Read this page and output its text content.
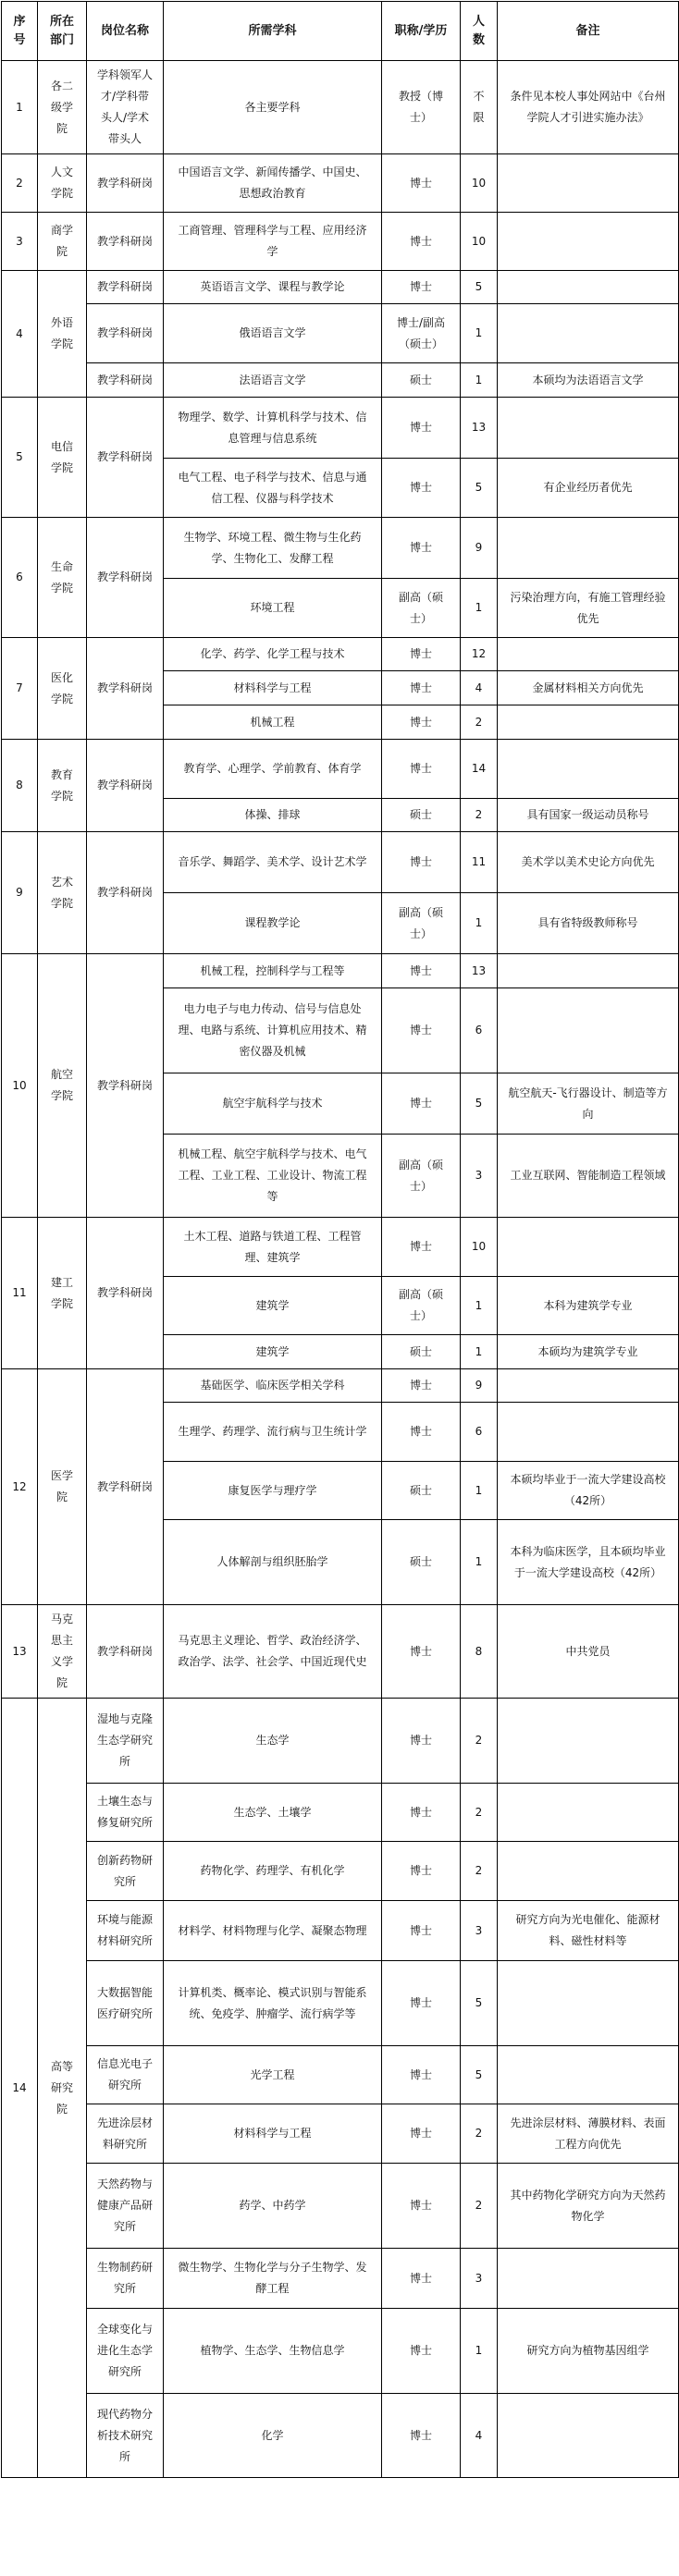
序号	所在部门	岗位名称	所需学科	职称/学历	人数	备注
1	各二级学院	学科领军人才/学科带头人/学术带头人	各主要学科	教授（博士）	不限	条件见本校人事处网站中《台州学院人才引进实施办法》
2	人文学院	教学科研岗	中国语言文学、新闻传播学、中国史、思想政治教育	博士	10	
3	商学院	教学科研岗	工商管理、管理科学与工程、应用经济学	博士	10	
4	外语学院	教学科研岗	英语语言文学、课程与教学论	博士	5	
		教学科研岗	俄语语言文学	博士/副高（硕士）	1	
		教学科研岗	法语语言文学	硕士	1	本硕均为法语语言文学
5	电信学院	教学科研岗	物理学、数学、计算机科学与技术、信息管理与信息系统	博士	13	
			电气工程、电子科学与技术、信息与通信工程、仪器与科学技术	博士	5	有企业经历者优先
6	生命学院	教学科研岗	生物学、环境工程、微生物与生化药学、生物化工、发酵工程	博士	9	
			环境工程	副高（硕士）	1	污染治理方向，有施工管理经验优先
7	医化学院	教学科研岗	化学、药学、化学工程与技术	博士	12	
			材料科学与工程	博士	4	金属材料相关方向优先
			机械工程	博士	2	
8	教育学院	教学科研岗	教育学、心理学、学前教育、体育学	博士	14	
			体操、排球	硕士	2	具有国家一级运动员称号
9	艺术学院	教学科研岗	音乐学、舞蹈学、美术学、设计艺术学	博士	11	美术学以美术史论方向优先
			课程教学论	副高（硕士）	1	具有省特级教师称号
10	航空学院	教学科研岗	机械工程，控制科学与工程等	博士	13	
			电力电子与电力传动、信号与信息处理、电路与系统、计算机应用技术、精密仪器及机械	博士	6	
			航空宇航科学与技术	博士	5	航空航天-飞行器设计、制造等方向
			机械工程、航空宇航科学与技术、电气工程、工业工程、工业设计、物流工程等	副高（硕士）	3	工业互联网、智能制造工程领域
11	建工学院	教学科研岗	土木工程、道路与铁道工程、工程管理、建筑学	博士	10	
			建筑学	副高（硕士）	1	本科为建筑学专业
			建筑学	硕士	1	本硕均为建筑学专业
12	医学院	教学科研岗	基础医学、临床医学相关学科	博士	9	
			生理学、药理学、流行病与卫生统计学	博士	6	
			康复医学与理疗学	硕士	1	本硕均毕业于一流大学建设高校（42所）
			人体解剖与组织胚胎学	硕士	1	本科为临床医学，且本硕均毕业于一流大学建设高校（42所）
13	马克思主义学院	教学科研岗	马克思主义理论、哲学、政治经济学、政治学、法学、社会学、中国近现代史	博士	8	中共党员
14	高等研究院	湿地与克隆生态学研究所	生态学	博士	2	
		土壤生态与修复研究所	生态学、土壤学	博士	2	
		创新药物研究所	药物化学、药理学、有机化学	博士	2	
		环境与能源材料研究所	材料学、材料物理与化学、凝聚态物理	博士	3	研究方向为光电催化、能源材料、磁性材料等
		大数据智能医疗研究所	计算机类、概率论、模式识别与智能系统、免疫学、肿瘤学、流行病学等	博士	5	
		信息光电子研究所	光学工程	博士	5	
		先进涂层材料研究所	材料科学与工程	博士	2	先进涂层材料、薄膜材料、表面工程方向优先
		天然药物与健康产品研究所	药学、中药学	博士	2	其中药物化学研究方向为天然药物化学
		生物制药研究所	微生物学、生物化学与分子生物学、发酵工程	博士	3	
		全球变化与进化生态学研究所	植物学、生态学、生物信息学	博士	1	研究方向为植物基因组学
		现代药物分析技术研究所	化学	博士	4	
